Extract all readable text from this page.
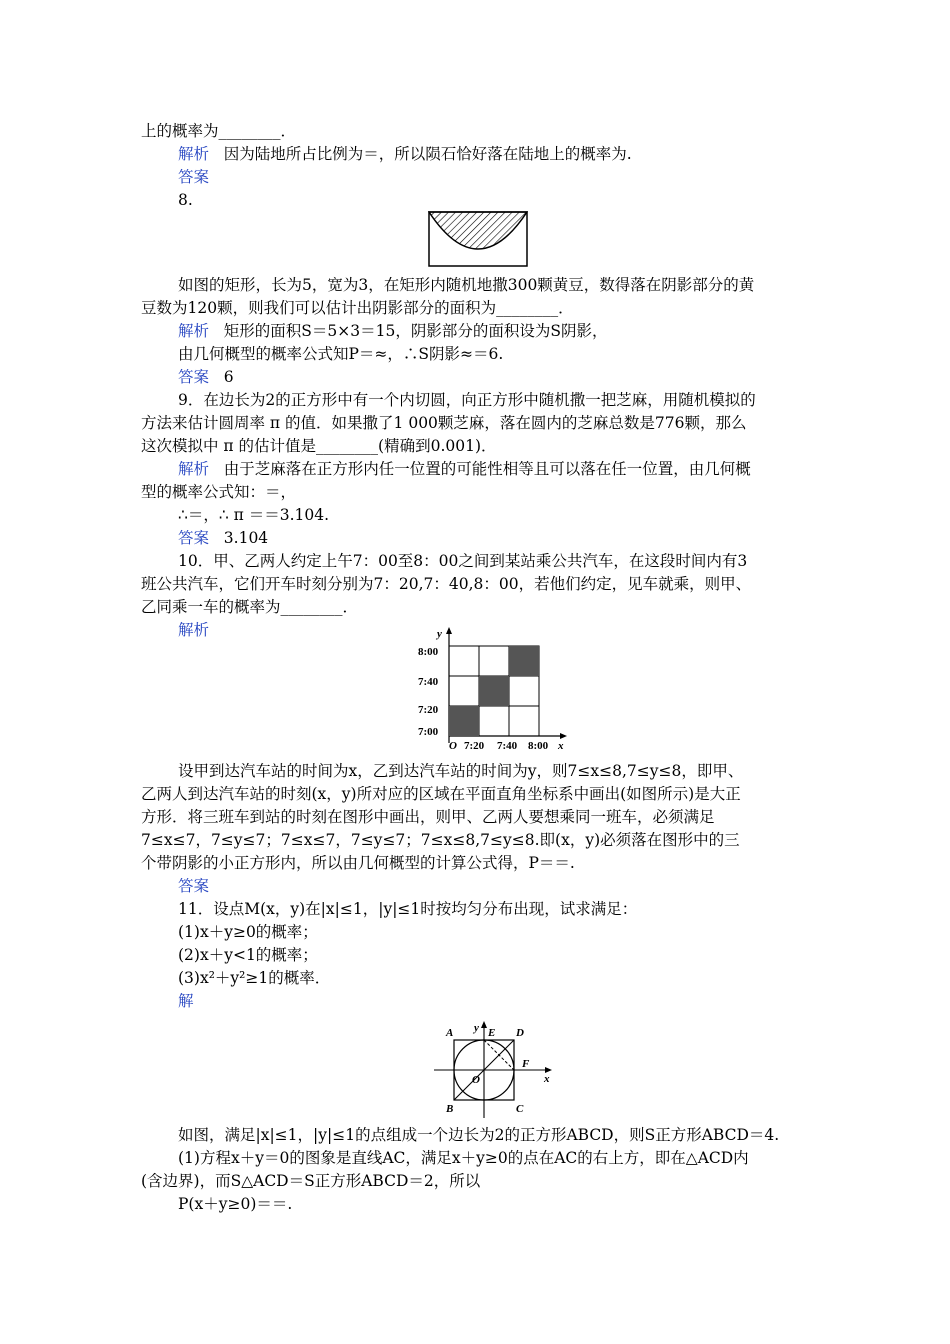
上的概率为________．
解析 因为陆地所占比例为＝，所以陨石恰好落在陆地上的概率为.
答案
8.
如图的矩形，长为5，宽为3，在矩形内随机地撒300颗黄豆，数得落在阴影部分的黄
豆数为120颗，则我们可以估计出阴影部分的面积为________．
解析 矩形的面积S＝5×3＝15，阴影部分的面积设为S阴影，
由几何概型的概率公式知P＝≈，∴S阴影≈＝6.
答案 6
9．在边长为2的正方形中有一个内切圆，向正方形中随机撒一把芝麻，用随机模拟的
方法来估计圆周率 π 的值．如果撒了1 000颗芝麻，落在圆内的芝麻总数是776颗，那么
这次模拟中 π 的估计值是________(精确到0.001)．
解析 由于芝麻落在正方形内任一位置的可能性相等且可以落在任一位置，由几何概
型的概率公式知：＝，
∴＝，∴ π ＝＝3.104.
答案 3.104
10．甲、乙两人约定上午7：00至8：00之间到某站乘公共汽车，在这段时间内有3
班公共汽车，它们开车时刻分别为7：20,7：40,8：00，若他们约定，见车就乘，则甲、
乙同乘一车的概率为________．
解析	y
8:00
7:40
7:20
7:00
O 7:20 7:40 8:00 x
设甲到达汽车站的时间为x，乙到达汽车站的时间为y，则7≤x≤8,7≤y≤8，即甲、
乙两人到达汽车站的时刻(x，y)所对应的区域在平面直角坐标系中画出(如图所示)是大正
方形．将三班车到站的时刻在图形中画出，则甲、乙两人要想乘同一班车，必须满足
7≤x≤7，7≤y≤7；7≤x≤7，7≤y≤7；7≤x≤8,7≤y≤8.即(x，y)必须落在图形中的三
个带阴影的小正方形内，所以由几何概型的计算公式得，P＝＝.
答案
11．设点M(x，y)在|x|≤1，|y|≤1时按均匀分布出现，试求满足：
(1)x＋y≥0的概率；
(2)x＋y<1的概率；
(3)x²＋y²≥1的概率．
解
y
A	E D
F
O	x
B	C
如图，满足|x|≤1，|y|≤1的点组成一个边长为2的正方形ABCD，则S正方形ABCD＝4.
(1)方程x＋y＝0的图象是直线AC，满足x＋y≥0的点在AC的右上方，即在△ACD内
(含边界)，而S△ACD＝S正方形ABCD＝2，所以
P(x＋y≥0)＝＝.
